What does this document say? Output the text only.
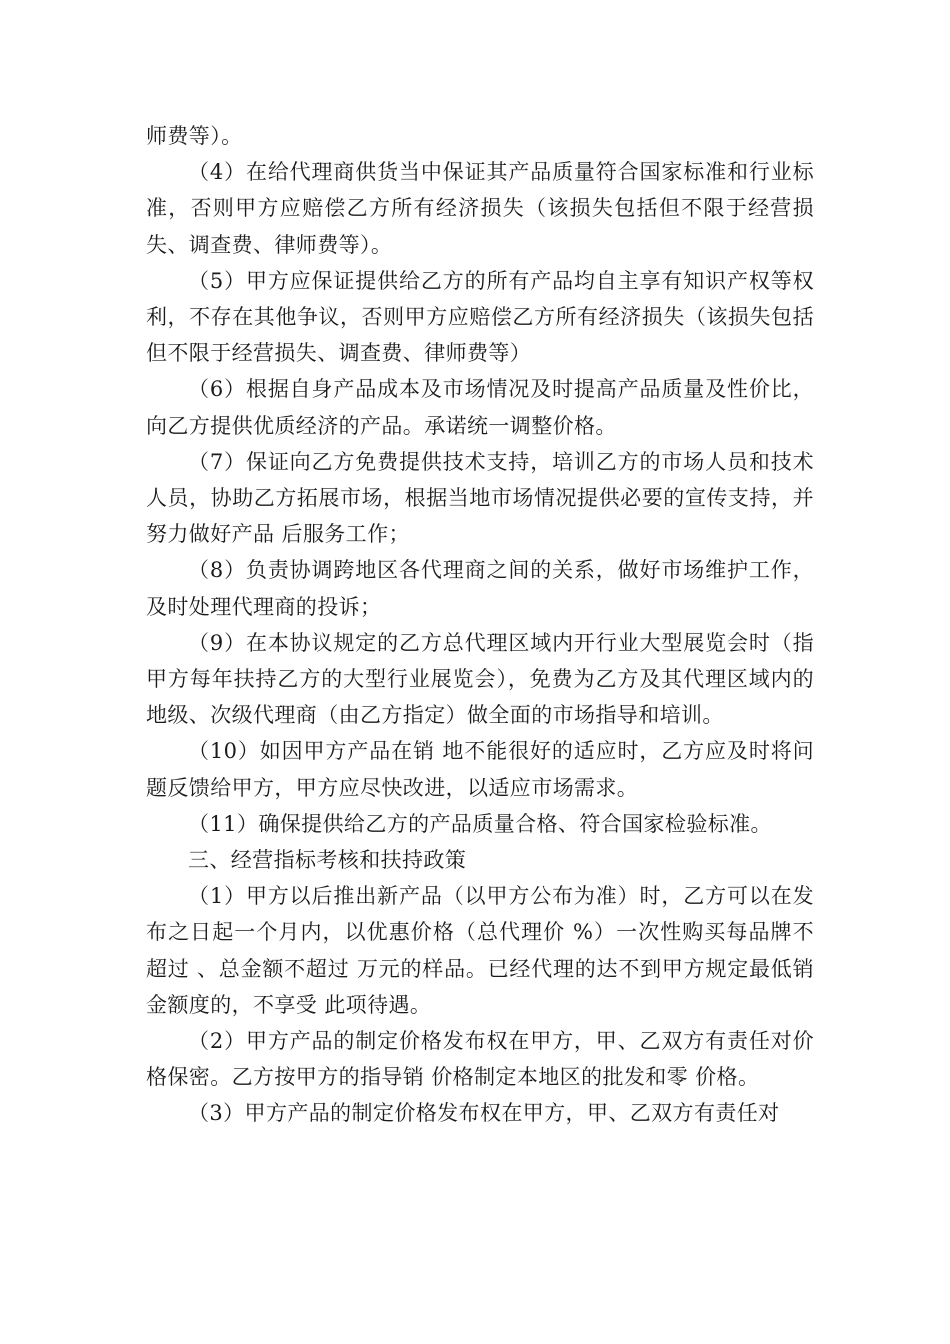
师费等）。

（4）在给代理商供货当中保证其产品质量符合国家标准和行业标准，否则甲方应赔偿乙方所有经济损失（该损失包括但不限于经营损失、调查费、律师费等）。

（5）甲方应保证提供给乙方的所有产品均自主享有知识产权等权利，不存在其他争议，否则甲方应赔偿乙方所有经济损失（该损失包括但不限于经营损失、调查费、律师费等）

（6）根据自身产品成本及市场情况及时提高产品质量及性价比，向乙方提供优质经济的产品。承诺统一调整价格。

（7）保证向乙方免费提供技术支持，培训乙方的市场人员和技术人员，协助乙方拓展市场，根据当地市场情况提供必要的宣传支持，并努力做好产品 后服务工作；

（8）负责协调跨地区各代理商之间的关系，做好市场维护工作，及时处理代理商的投诉；

（9）在本协议规定的乙方总代理区域内开行业大型展览会时（指甲方每年扶持乙方的大型行业展览会），免费为乙方及其代理区域内的地级、次级代理商（由乙方指定）做全面的市场指导和培训。

（10）如因甲方产品在销 地不能很好的适应时，乙方应及时将问题反馈给甲方，甲方应尽快改进，以适应市场需求。

（11）确保提供给乙方的产品质量合格、符合国家检验标准。

三、经营指标考核和扶持政策

（1）甲方以后推出新产品（以甲方公布为准）时，乙方可以在发布之日起一个月内，以优惠价格（总代理价 %）一次性购买每品牌不超过 、总金额不超过 万元的样品。已经代理的达不到甲方规定最低销 金额度的，不享受 此项待遇。

（2）甲方产品的制定价格发布权在甲方，甲、乙双方有责任对价格保密。乙方按甲方的指导销 价格制定本地区的批发和零 价格。

（3）甲方产品的制定价格发布权在甲方，甲、乙双方有责任对
